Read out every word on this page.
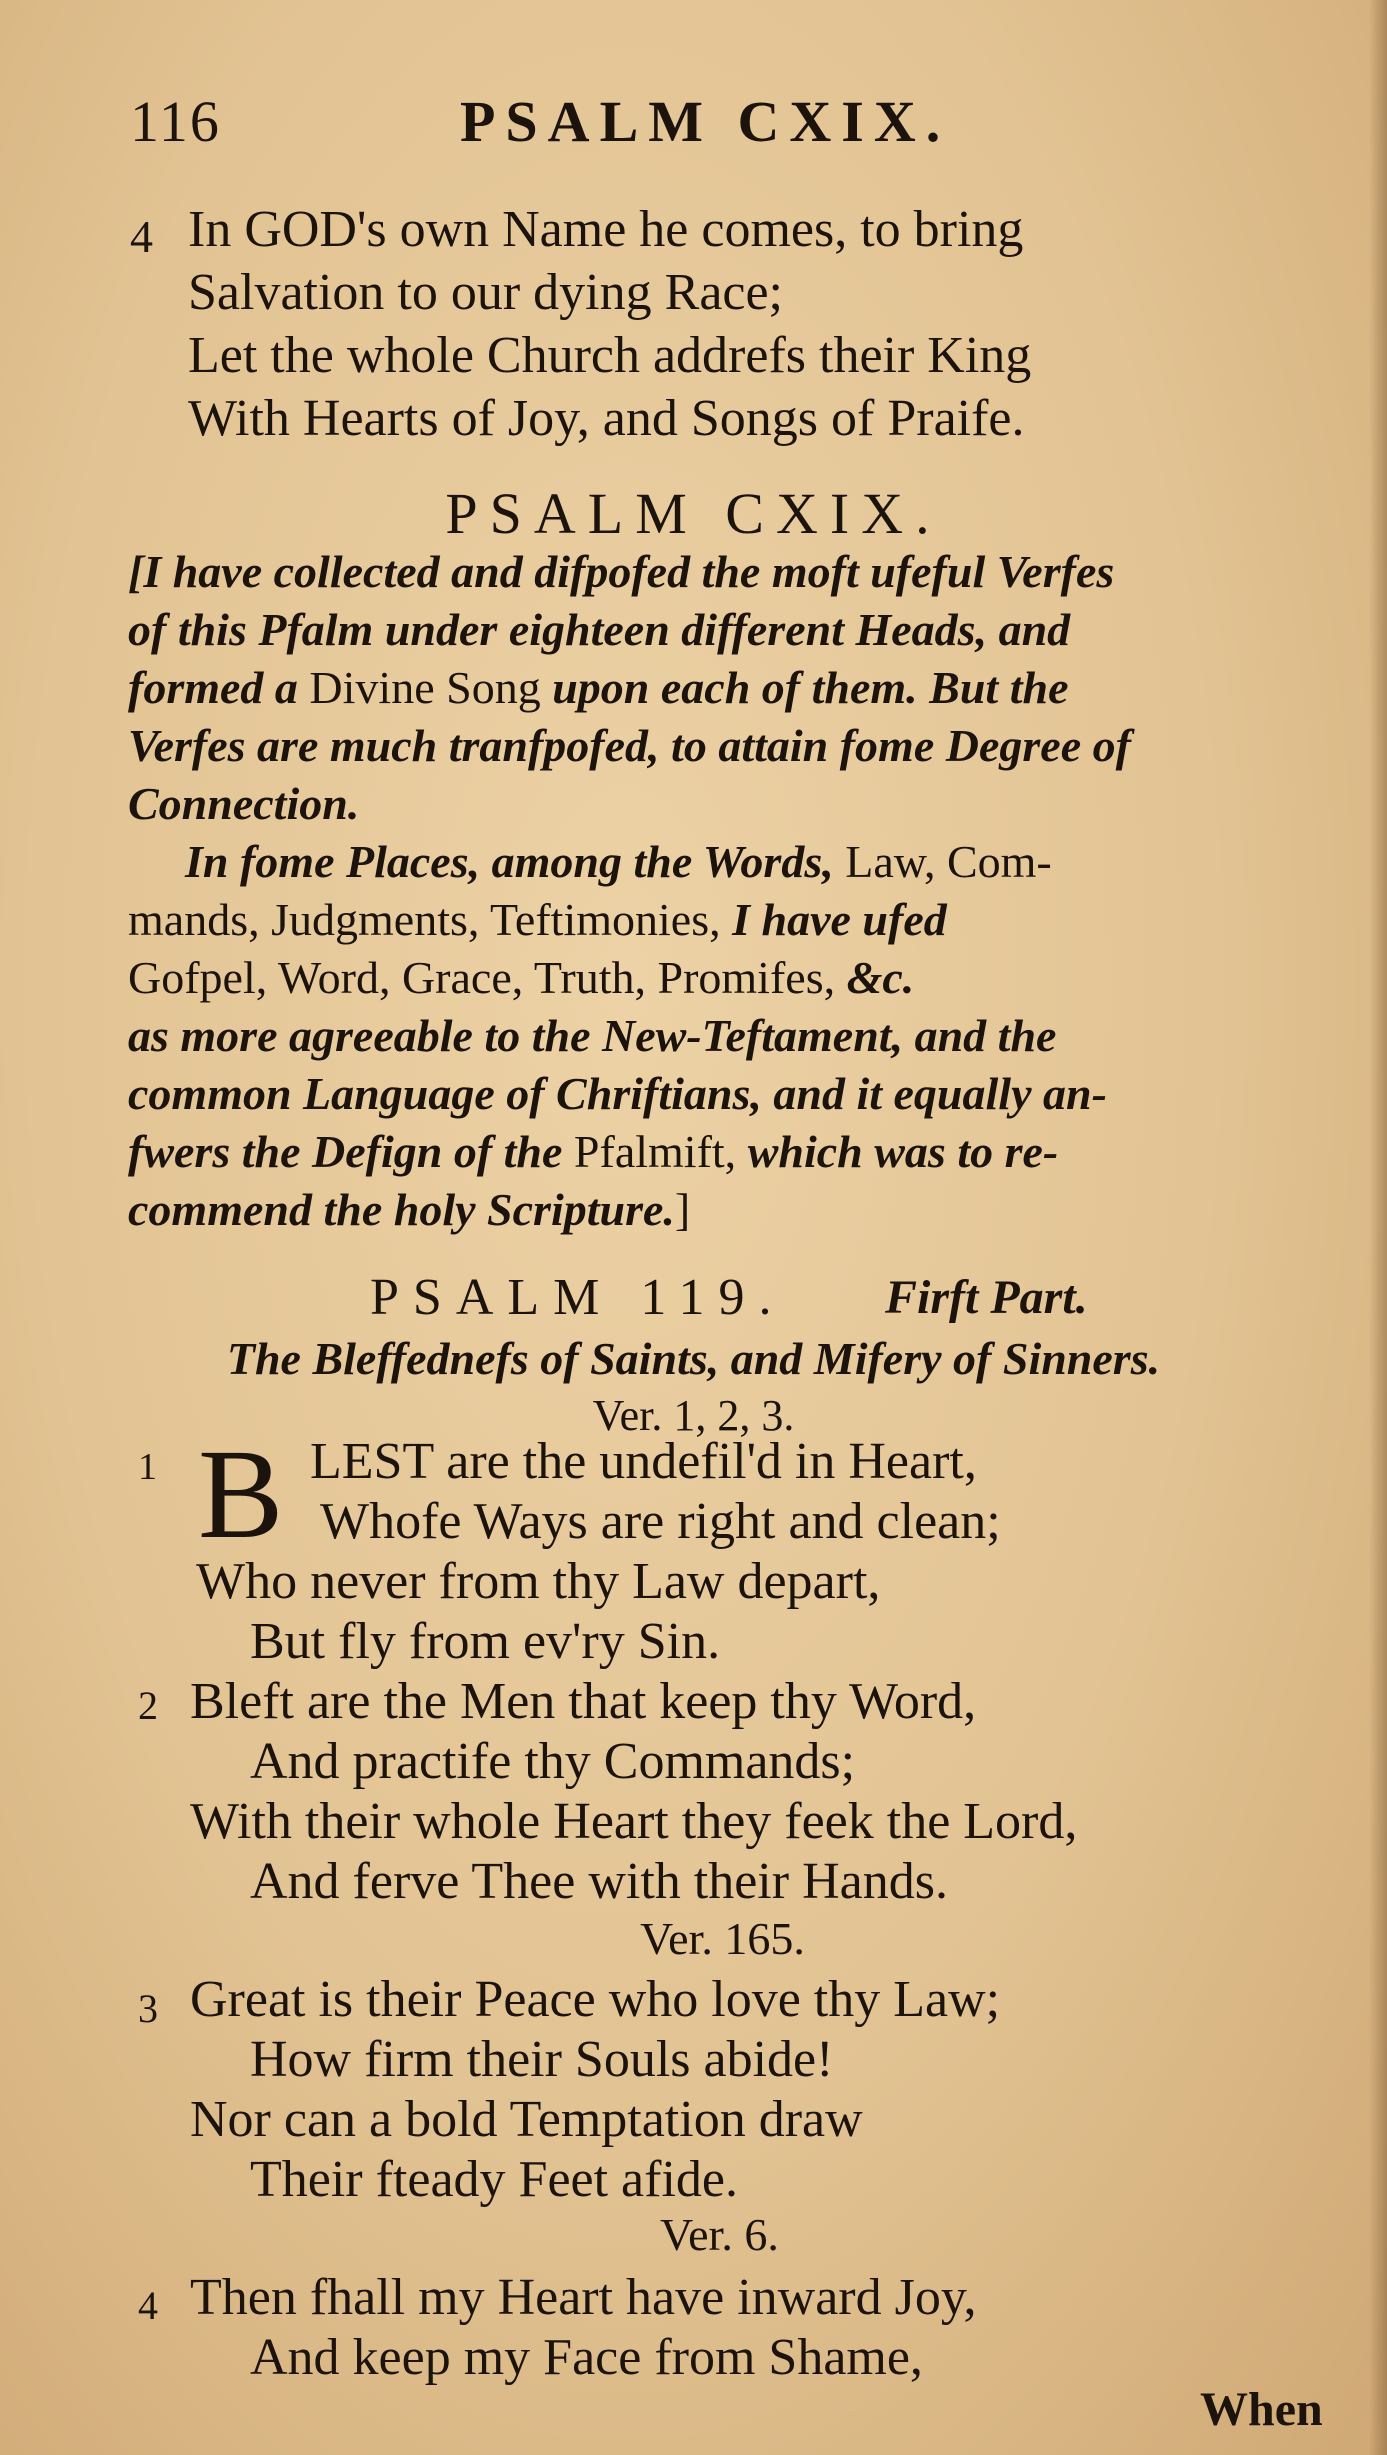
116	PSALM CXIX.
4 In GOD's own Name he comes, to bring
Salvation to our dying Race;
Let the whole Church addrefs their King
With Hearts of Joy, and Songs of Praife.
PSALM CXIX.
[I have collected and difpofed the moft ufeful Verfes
of this Pfalm under eighteen different Heads, and
formed a Divine Song upon each of them. But the
Verfes are much tranfpofed, to attain fome Degree of
Connection.
In fome Places, among the Words, Law, Com-
mands, Judgments, Teftimonies, I have ufed
Gofpel, Word, Grace, Truth, Promifes, &c.
as more agreeable to the New-Teftament, and the
common Language of Chriftians, and it equally an-
fwers the Defign of the Pfalmift, which was to re-
commend the holy Scripture.]
PSALM 119. Firft Part.
The Bleffednefs of Saints, and Mifery of Sinners.
Ver. 1, 2, 3.
1 B LEST are the undefil'd in Heart,
Whofe Ways are right and clean;
Who never from thy Law depart,
But fly from ev'ry Sin.
2 Bleft are the Men that keep thy Word,
And practife thy Commands;
With their whole Heart they feek the Lord,
And ferve Thee with their Hands.
Ver. 165.
3 Great is their Peace who love thy Law;
How firm their Souls abide!
Nor can a bold Temptation draw
Their fteady Feet afide.
Ver. 6.
4 Then fhall my Heart have inward Joy,
And keep my Face from Shame,
When
